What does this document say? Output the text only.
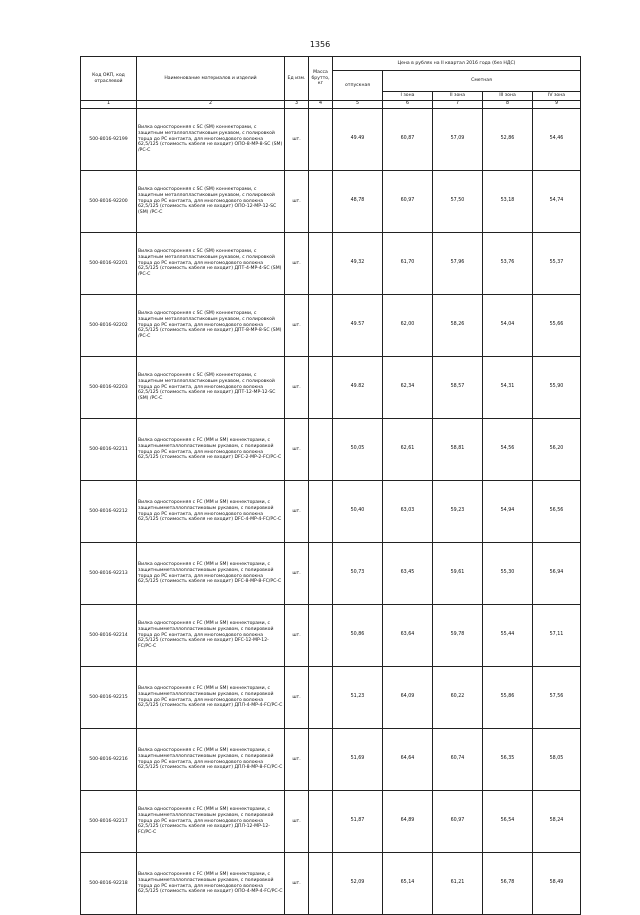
1356
Код ОКП, код отраслевой	Наименование материалов и изделий	Ед изм.	Масса брутто, кг	Цена в рублях на II квартал 2016 года (без НДС)				
				отпускная	Сметная			
					I зона	II зона	III зона	IV зона
1	2	3	4	5	6	7	8	9
500-8016-92199	Вилка односторонняя с SC (SM) коннекторами, с защитным металлопластиковым рукавом, с полировкой торца до PC контакта, для многомодового волокна 62,5/125 (стоимость кабеля не входит) ОПО-8-MP-8-SC (SM) /PC-C	шт.		49.49	60,87	57,09	52,86	54,46
500-8016-92200	Вилка односторонняя с SC (SM) коннекторами, с защитным металлопластиковым рукавом, с полировкой торца до PC контакта, для многомодового волокна 62,5/125 (стоимость кабеля не входит) ОПО-12-MP-12-SC (SM) /PC-C	шт.		48,78	60,97	57,50	53,18	54,74
500-8016-92201	Вилка односторонняя с SC (SM) коннекторами, с защитным металлопластиковым рукавом, с полировкой торца до PC контакта, для многомодового волокна 62,5/125 (стоимость кабеля не входит) ДПТ-4-MP-4-SC (SM) /PC-C	шт.		49,32	61,70	57,96	53,76	55,37
500-8016-92202	Вилка односторонняя с SC (SM) коннекторами, с защитным металлопластиковым рукавом, с полировкой торца до PC контакта, для многомодового волокна 62,5/125 (стоимость кабеля не входит) ДПТ-8-MP-8-SC (SM) /PC-C	шт.		49.57	62,00	58,26	54,04	55,66
500-8016-92203	Вилка односторонняя с SC (SM) коннекторами, с защитным металлопластиковым рукавом, с полировкой торца до PC контакта, для многомодового волокна 62,5/125 (стоимость кабеля не входит) ДПТ-12-MP-12-SC (SM) /PC-C	шт.		49.82	62,34	58,57	54,31	55,90
500-8016-92211	Вилка односторонняя с FC (MM и SM) коннекторами, с защитнымметаллопластиковым рукавом, с полировкой торца до PC контакта, для многомодового волокна 62,5/125 (стоимость кабеля не входит) DFC-2-MP-2-FC/PC-C	шт.		50,05	62,61	58,81	54,56	56,20
500-8016-92212	Вилка односторонняя с FC (MM и SM) коннекторами, с защитнымметаллопластиковым рукавом, с полировкой торца до PC контакта, для многомодового волокна 62,5/125 (стоимость кабеля не входит) DFC-4-MP-4-FC/PC-C	шт.		50,40	63,03	59,23	54,94	56,56
500-8016-92213	Вилка односторонняя с FC (MM и SM) коннекторами, с защитнымметаллопластиковым рукавом, с полировкой торца до PC контакта, для многомодового волокна 62,5/125 (стоимость кабеля не входит) DFC-8-MP-8-FC/PC-C	шт.		50,73	63,45	59,61	55,30	56,94
500-8016-92214	Вилка односторонняя с FC (MM и SM) коннекторами, с защитнымметаллопластиковым рукавом, с полировкой торца до PC контакта, для многомодового волокна 62,5/125 (стоимость кабеля не входит) DFC-12-MP-12-FC/PC-C	шт.		50,86	63,64	59,78	55,44	57,11
500-8016-92215	Вилка односторонняя с FC (MM и SM) коннекторами, с защитнымметаллопластиковым рукавом, с полировкой торца до PC контакта, для многомодового волокна 62,5/125 (стоимость кабеля не входит) ДПЛ-4-MP-4-FC/PC-C	шт.		51,23	64,09	60,22	55,86	57,56
500-8016-92216	Вилка односторонняя с FC (MM и SM) коннекторами, с защитнымметаллопластиковым рукавом, с полировкой торца до PC контакта, для многомодового волокна 62,5/125 (стоимость кабеля не входит) ДПЛ-8-MP-8-FC/PC-C	шт.		51,69	64,64	60,74	56,35	58,05
500-8016-92217	Вилка односторонняя с FC (MM и SM) коннекторами, с защитнымметаллопластиковым рукавом, с полировкой торца до PC контакта, для многомодового волокна 62,5/125 (стоимость кабеля не входит) ДПЛ-12-MP-12-FC/PC-C	шт.		51,87	64,89	60,97	56,54	58,24
500-8016-92218	Вилка односторонняя с FC (MM и SM) коннекторами, с защитнымметаллопластиковым рукавом, с полировкой торца до PC контакта, для многомодового волокна 62,5/125 (стоимость кабеля не входит) ОПО-4-MP-4-FC/PC-C	шт.		52,09	65,14	61,21	56,78	58,49
